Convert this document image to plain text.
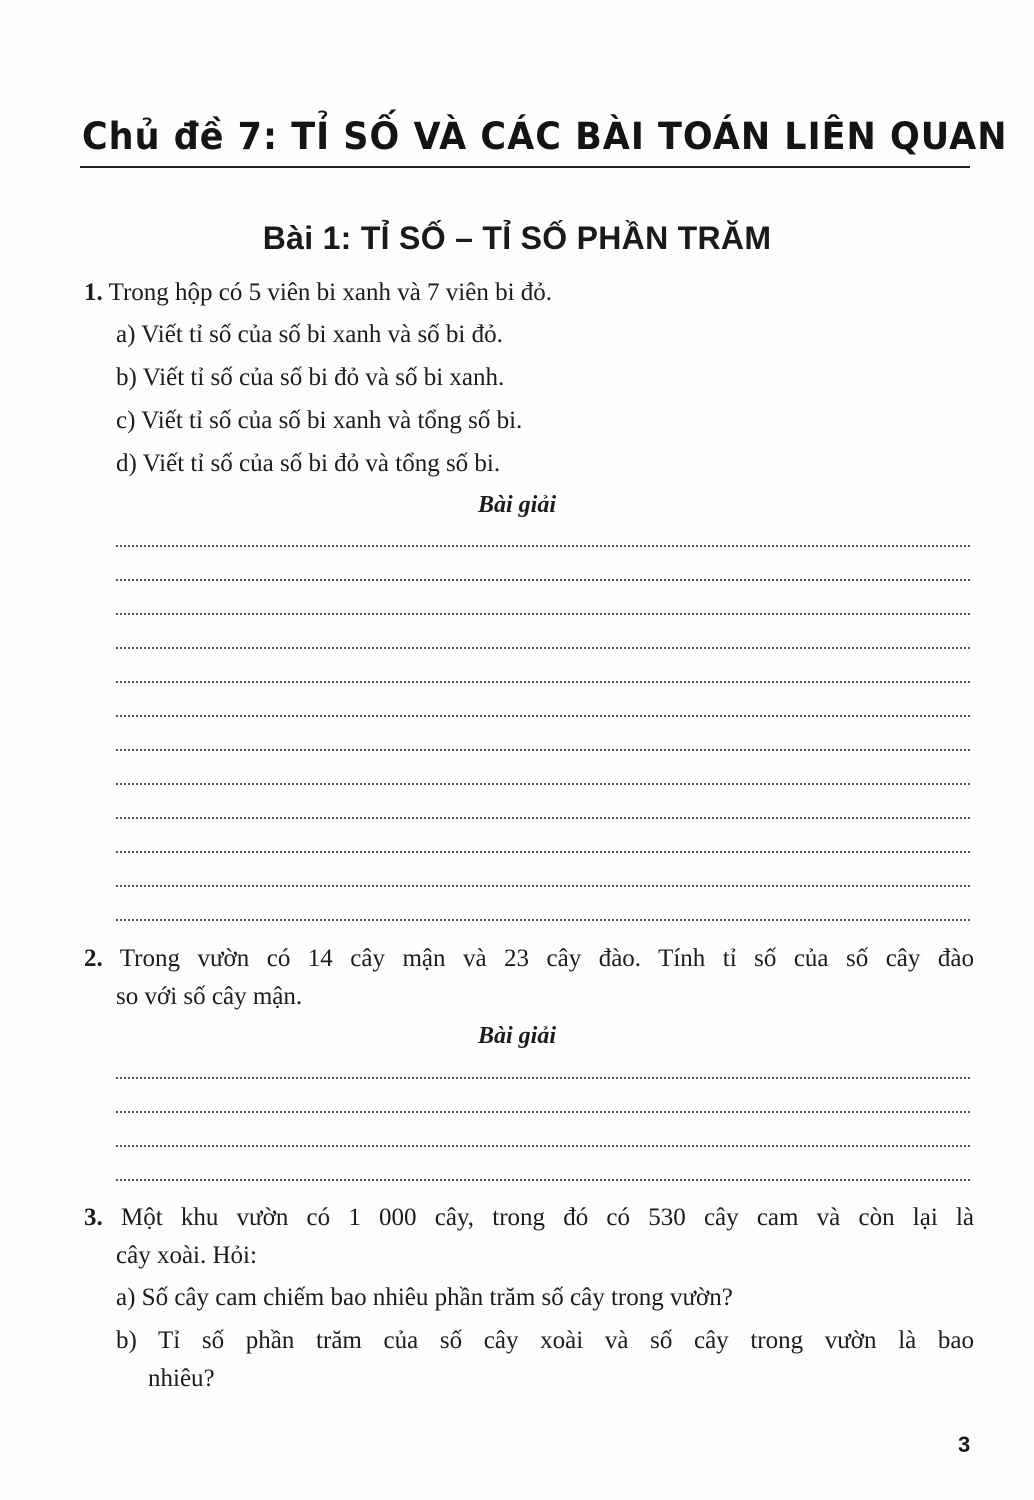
Chủ đề 7: TỈ SỐ VÀ CÁC BÀI TOÁN LIÊN QUAN
Bài 1: TỈ SỐ – TỈ SỐ PHẦN TRĂM

1. Trong hộp có 5 viên bi xanh và 7 viên bi đỏ.

a) Viết tỉ số của số bi xanh và số bi đỏ.

b) Viết tỉ số của số bi đỏ và số bi xanh.

c) Viết tỉ số của số bi xanh và tổng số bi.

d) Viết tỉ số của số bi đỏ và tổng số bi.

Bài giải

2. Trong vườn có 14 cây mận và 23 cây đào. Tính tỉ số của số cây đào

so với số cây mận.

Bài giải

3. Một khu vườn có 1 000 cây, trong đó có 530 cây cam và còn lại là

cây xoài. Hỏi:

a) Số cây cam chiếm bao nhiêu phần trăm số cây trong vườn?

b) Tỉ số phần trăm của số cây xoài và số cây trong vườn là bao

nhiêu?

3
